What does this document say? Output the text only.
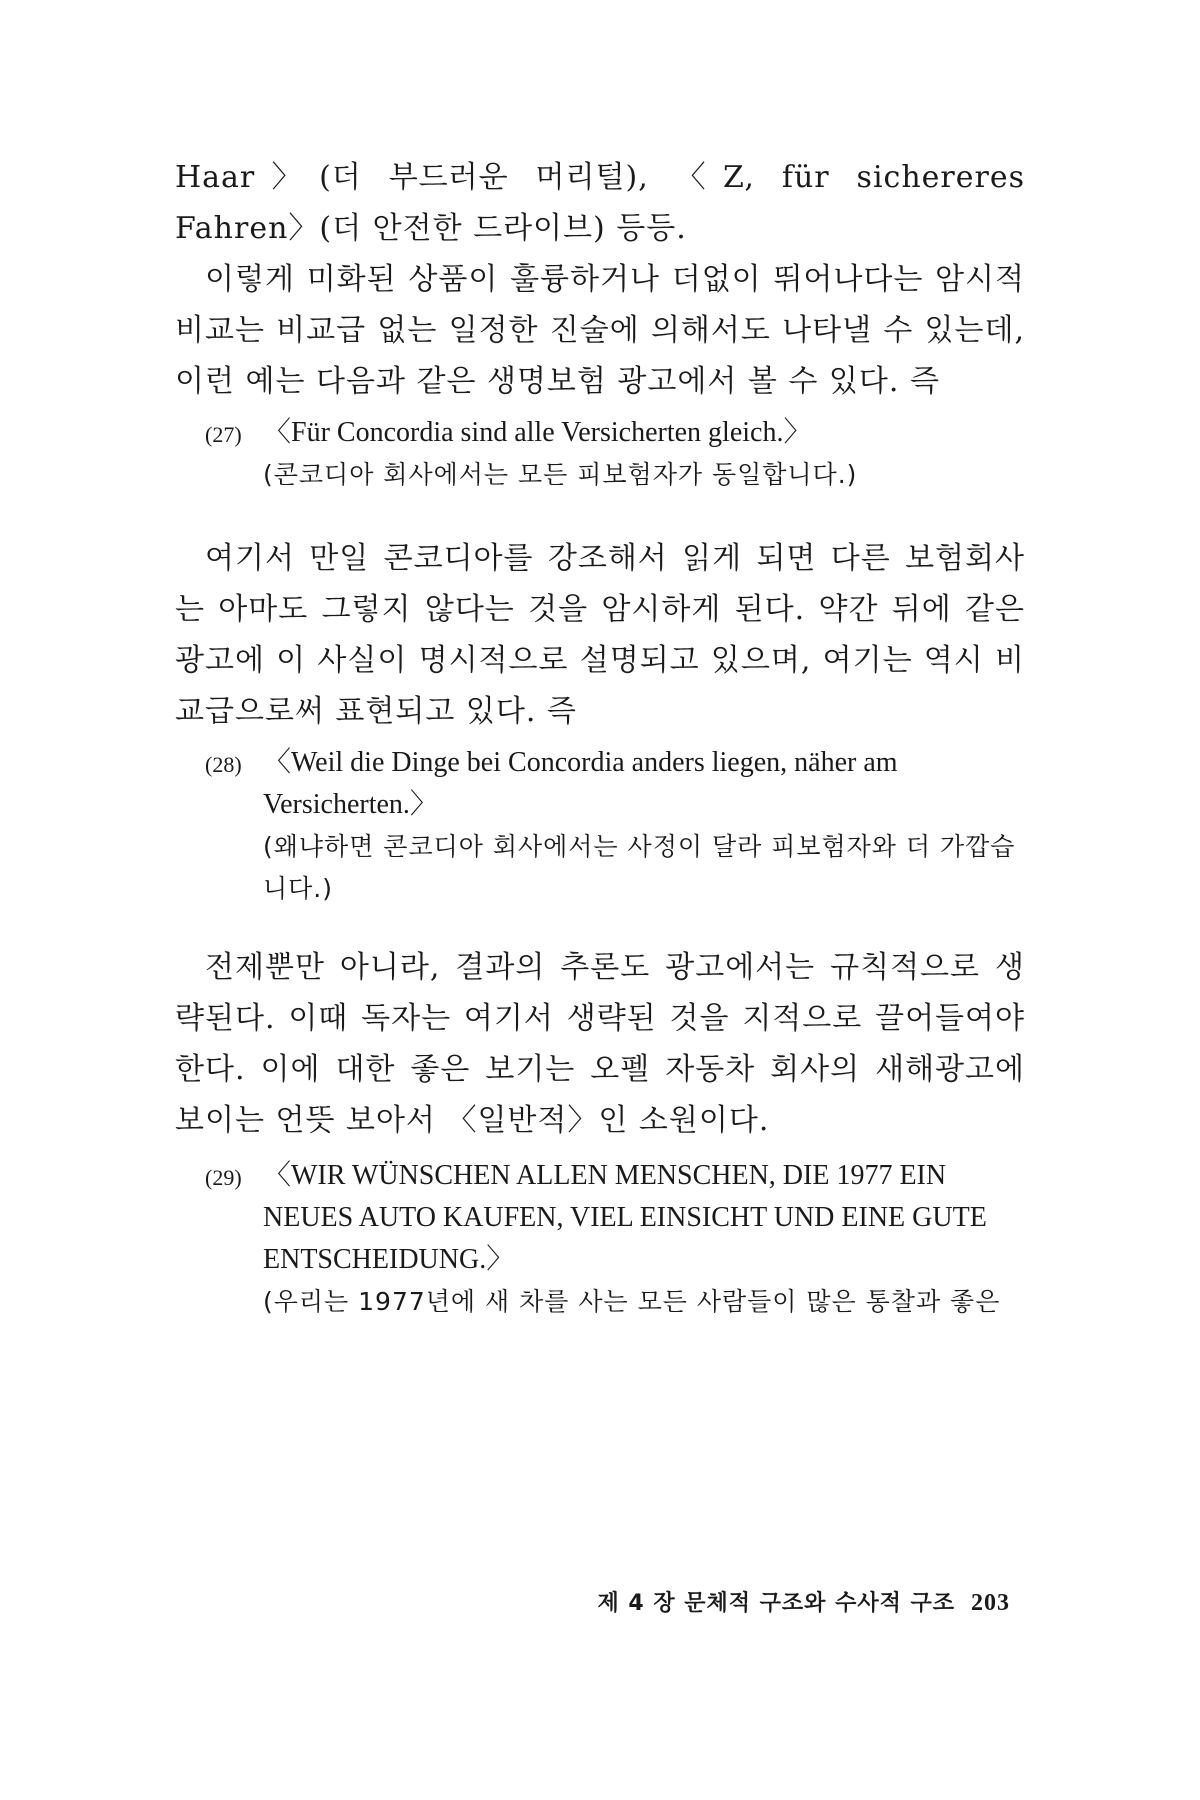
Haar〉(더 부드러운 머리털), 〈Z, für sichereres Fahren〉(더 안전한 드라이브) 등등.

이렇게 미화된 상품이 훌륭하거나 더없이 뛰어나다는 암시적 비교는 비교급 없는 일정한 진술에 의해서도 나타낼 수 있는데, 이런 예는 다음과 같은 생명보험 광고에서 볼 수 있다. 즉

(27) 〈Für Concordia sind alle Versicherten gleich.〉

(콘코디아 회사에서는 모든 피보험자가 동일합니다.)

여기서 만일 콘코디아를 강조해서 읽게 되면 다른 보험회사는 아마도 그렇지 않다는 것을 암시하게 된다. 약간 뒤에 같은 광고에 이 사실이 명시적으로 설명되고 있으며, 여기는 역시 비교급으로써 표현되고 있다. 즉

(28) 〈Weil die Dinge bei Concordia anders liegen, näher am Versicherten.〉

(왜냐하면 콘코디아 회사에서는 사정이 달라 피보험자와 더 가깝습니다.)

전제뿐만 아니라, 결과의 추론도 광고에서는 규칙적으로 생략된다. 이때 독자는 여기서 생략된 것을 지적으로 끌어들여야 한다. 이에 대한 좋은 보기는 오펠 자동차 회사의 새해광고에 보이는 언뜻 보아서 〈일반적〉인 소원이다.

(29) 〈WIR WÜNSCHEN ALLEN MENSCHEN, DIE 1977 EIN NEUES AUTO KAUFEN, VIEL EINSICHT UND EINE GUTE ENTSCHEIDUNG.〉

(우리는 1977년에 새 차를 사는 모든 사람들이 많은 통찰과 좋은

제 4 장 문체적 구조와 수사적 구조 203
